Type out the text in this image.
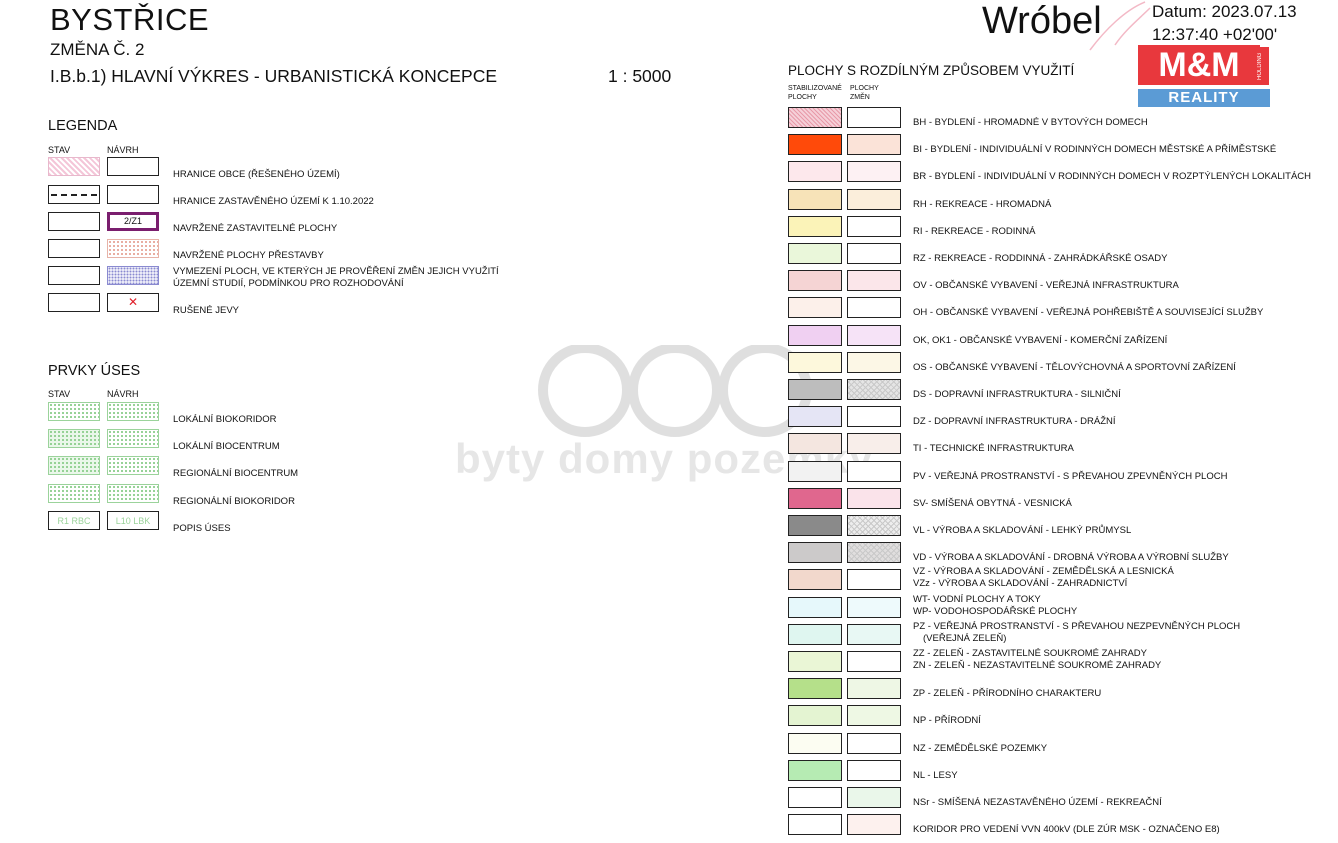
BYSTŘICE
ZMĚNA Č. 2
I.B.b.1) HLAVNÍ VÝKRES - URBANISTICKÁ KONCEPCE	1 : 5000
Wróbel	Datum: 2023.07.13
12:37:40 +02'00'
M&M	HOLDING
REALITY
byty domy pozemky
LEGENDA
STAV	NÁVRH
HRANICE OBCE (ŘEŠENÉHO ÚZEMÍ)
HRANICE ZASTAVĚNÉHO ÚZEMÍ K 1.10.2022
2/Z1
NAVRŽENÉ ZASTAVITELNÉ PLOCHY
NAVRŽENÉ PLOCHY PŘESTAVBY
VYMEZENÍ PLOCH, VE KTERÝCH JE PROVĚŘENÍ ZMĚN JEJICH VYUŽITÍ
ÚZEMNÍ STUDIÍ, PODMÍNKOU PRO ROZHODOVÁNÍ
✕
RUŠENÉ JEVY
PRVKY ÚSES
STAV	NÁVRH
LOKÁLNÍ BIOKORIDOR
LOKÁLNÍ BIOCENTRUM
REGIONÁLNÍ BIOCENTRUM
REGIONÁLNÍ BIOKORIDOR
R1 RBC	L10 LBK
POPIS ÚSES
PLOCHY S ROZDÍLNÝM ZPŮSOBEM VYUŽITÍ
STABILIZOVANÉ
PLOCHY
PLOCHY
ZMĚN
BH - BYDLENÍ - HROMADNÉ V BYTOVÝCH DOMECH
BI - BYDLENÍ - INDIVIDUÁLNÍ V RODINNÝCH DOMECH MĚSTSKÉ A PŘÍMĚSTSKÉ
BR - BYDLENÍ - INDIVIDUÁLNÍ V RODINNÝCH DOMECH V ROZPTÝLENÝCH LOKALITÁCH
RH - REKREACE - HROMADNÁ
RI - REKREACE - RODINNÁ
RZ - REKREACE - RODDINNÁ - ZAHRÁDKÁŘSKÉ OSADY
OV - OBČANSKÉ VYBAVENÍ - VEŘEJNÁ INFRASTRUKTURA
OH - OBČANSKÉ VYBAVENÍ - VEŘEJNÁ POHŘEBIŠTĚ A SOUVISEJÍCÍ SLUŽBY
OK, OK1 - OBČANSKÉ VYBAVENÍ - KOMERČNÍ ZAŘÍZENÍ
OS - OBČANSKÉ VYBAVENÍ - TĚLOVÝCHOVNÁ A SPORTOVNÍ ZAŘÍZENÍ
DS - DOPRAVNÍ INFRASTRUKTURA - SILNIČNÍ
DZ - DOPRAVNÍ INFRASTRUKTURA - DRÁŽNÍ
TI - TECHNICKÉ INFRASTRUKTURA
PV - VEŘEJNÁ PROSTRANSTVÍ - S PŘEVAHOU ZPEVNĚNÝCH PLOCH
SV- SMÍŠENÁ OBYTNÁ - VESNICKÁ
VL - VÝROBA A SKLADOVÁNÍ - LEHKÝ PRŮMYSL
VD - VÝROBA A SKLADOVÁNÍ - DROBNÁ VÝROBA A VÝROBNÍ SLUŽBY
VZ - VÝROBA A SKLADOVÁNÍ - ZEMĚDĚLSKÁ A LESNICKÁ
VZz - VÝROBA A SKLADOVÁNÍ - ZAHRADNICTVÍ
WT- VODNÍ PLOCHY A TOKY
WP- VODOHOSPODÁŘSKÉ PLOCHY
PZ - VEŘEJNÁ PROSTRANSTVÍ - S PŘEVAHOU NEZPEVNĚNÝCH PLOCH
(VEŘEJNÁ ZELEŇ)
ZZ - ZELEŇ - ZASTAVITELNÉ SOUKROMÉ ZAHRADY
ZN - ZELEŇ - NEZASTAVITELNÉ SOUKROMÉ ZAHRADY
ZP - ZELEŇ - PŘÍRODNÍHO CHARAKTERU
NP - PŘÍRODNÍ
NZ - ZEMĚDĚLSKÉ POZEMKY
NL - LESY
NSr - SMÍŠENÁ NEZASTAVĚNÉHO ÚZEMÍ - REKREAČNÍ
KORIDOR PRO VEDENÍ VVN 400kV (DLE ZÚR MSK - OZNAČENO E8)
